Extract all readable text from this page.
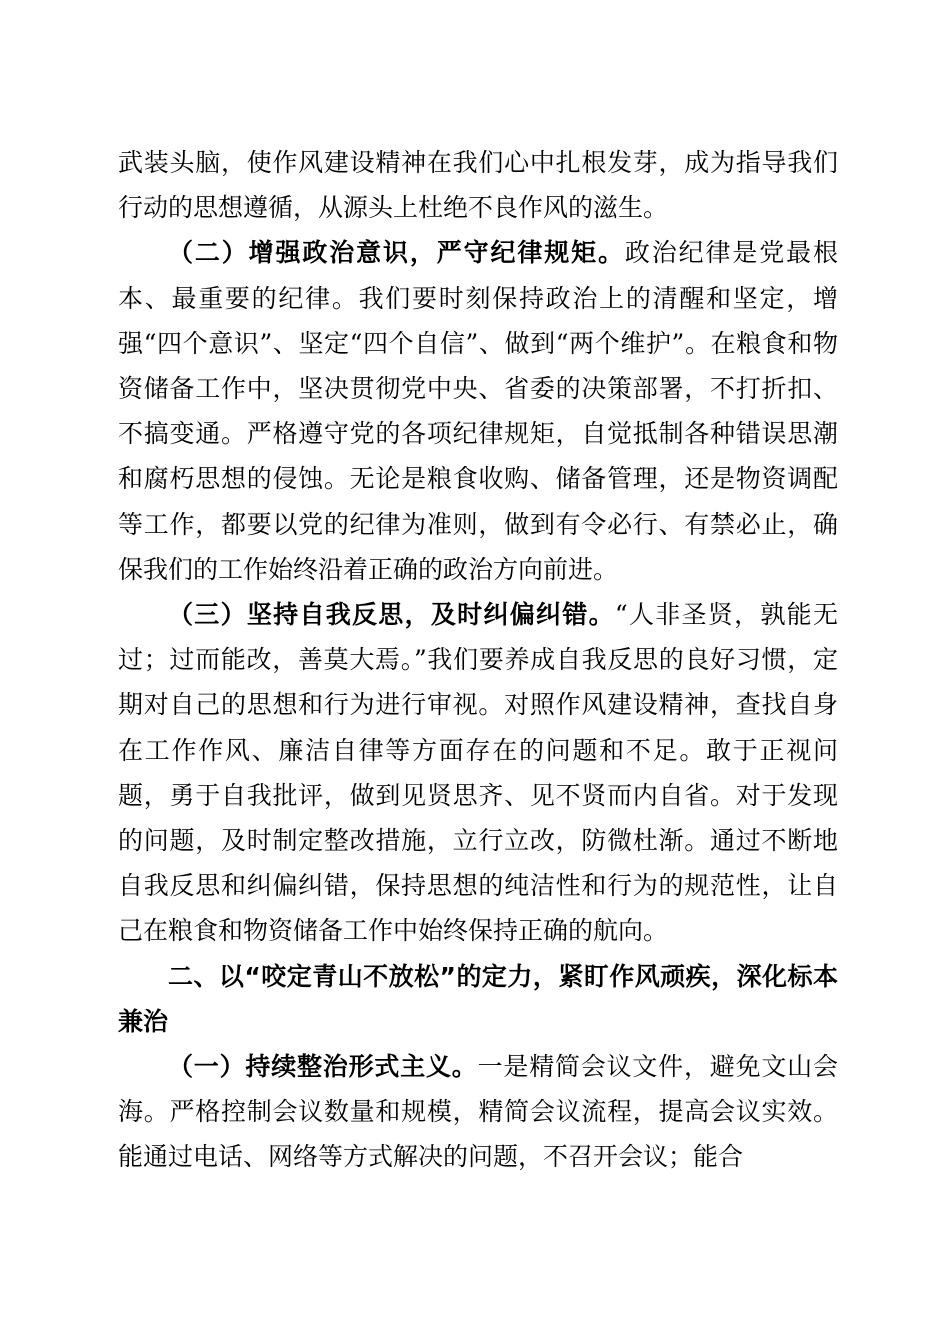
武装头脑，使作风建设精神在我们心中扎根发芽，成为指导我们行动的思想遵循，从源头上杜绝不良作风的滋生。

（二）增强政治意识，严守纪律规矩。政治纪律是党最根本、最重要的纪律。我们要时刻保持政治上的清醒和坚定，增强“四个意识”、坚定“四个自信”、做到“两个维护”。在粮食和物资储备工作中，坚决贯彻党中央、省委的决策部署，不打折扣、不搞变通。严格遵守党的各项纪律规矩，自觉抵制各种错误思潮和腐朽思想的侵蚀。无论是粮食收购、储备管理，还是物资调配等工作，都要以党的纪律为准则，做到有令必行、有禁必止，确保我们的工作始终沿着正确的政治方向前进。

（三）坚持自我反思，及时纠偏纠错。“人非圣贤，孰能无过；过而能改，善莫大焉。”我们要养成自我反思的良好习惯，定期对自己的思想和行为进行审视。对照作风建设精神，查找自身在工作作风、廉洁自律等方面存在的问题和不足。敢于正视问题，勇于自我批评，做到见贤思齐、见不贤而内自省。对于发现的问题，及时制定整改措施，立行立改，防微杜渐。通过不断地自我反思和纠偏纠错，保持思想的纯洁性和行为的规范性，让自己在粮食和物资储备工作中始终保持正确的航向。

二、以“咬定青山不放松”的定力，紧盯作风顽疾，深化标本兼治

（一）持续整治形式主义。一是精简会议文件，避免文山会海。严格控制会议数量和规模，精简会议流程，提高会议实效。能通过电话、网络等方式解决的问题，不召开会议；能合
